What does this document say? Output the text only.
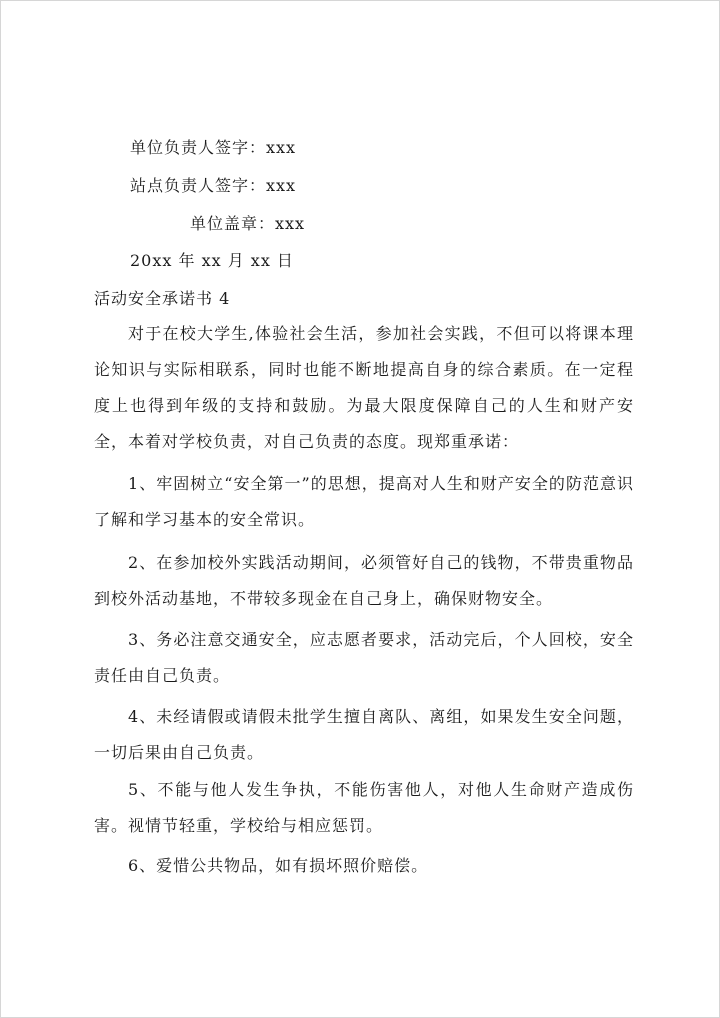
单位负责人签字：xxx
站点负责人签字：xxx
单位盖章：xxx
20xx 年 xx 月 xx 日
活动安全承诺书 4
对于在校大学生,体验社会生活，参加社会实践，不但可以将课本理论知识与实际相联系，同时也能不断地提高自身的综合素质。在一定程度上也得到年级的支持和鼓励。为最大限度保障自己的人生和财产安全，本着对学校负责，对自己负责的态度。现郑重承诺：
1、牢固树立“安全第一”的思想，提高对人生和财产安全的防范意识了解和学习基本的安全常识。
2、在参加校外实践活动期间，必须管好自己的钱物，不带贵重物品到校外活动基地，不带较多现金在自己身上，确保财物安全。
3、务必注意交通安全，应志愿者要求，活动完后，个人回校，安全责任由自己负责。
4、未经请假或请假未批学生擅自离队、离组，如果发生安全问题，一切后果由自己负责。
5、不能与他人发生争执，不能伤害他人，对他人生命财产造成伤害。视情节轻重，学校给与相应惩罚。
6、爱惜公共物品，如有损坏照价赔偿。
